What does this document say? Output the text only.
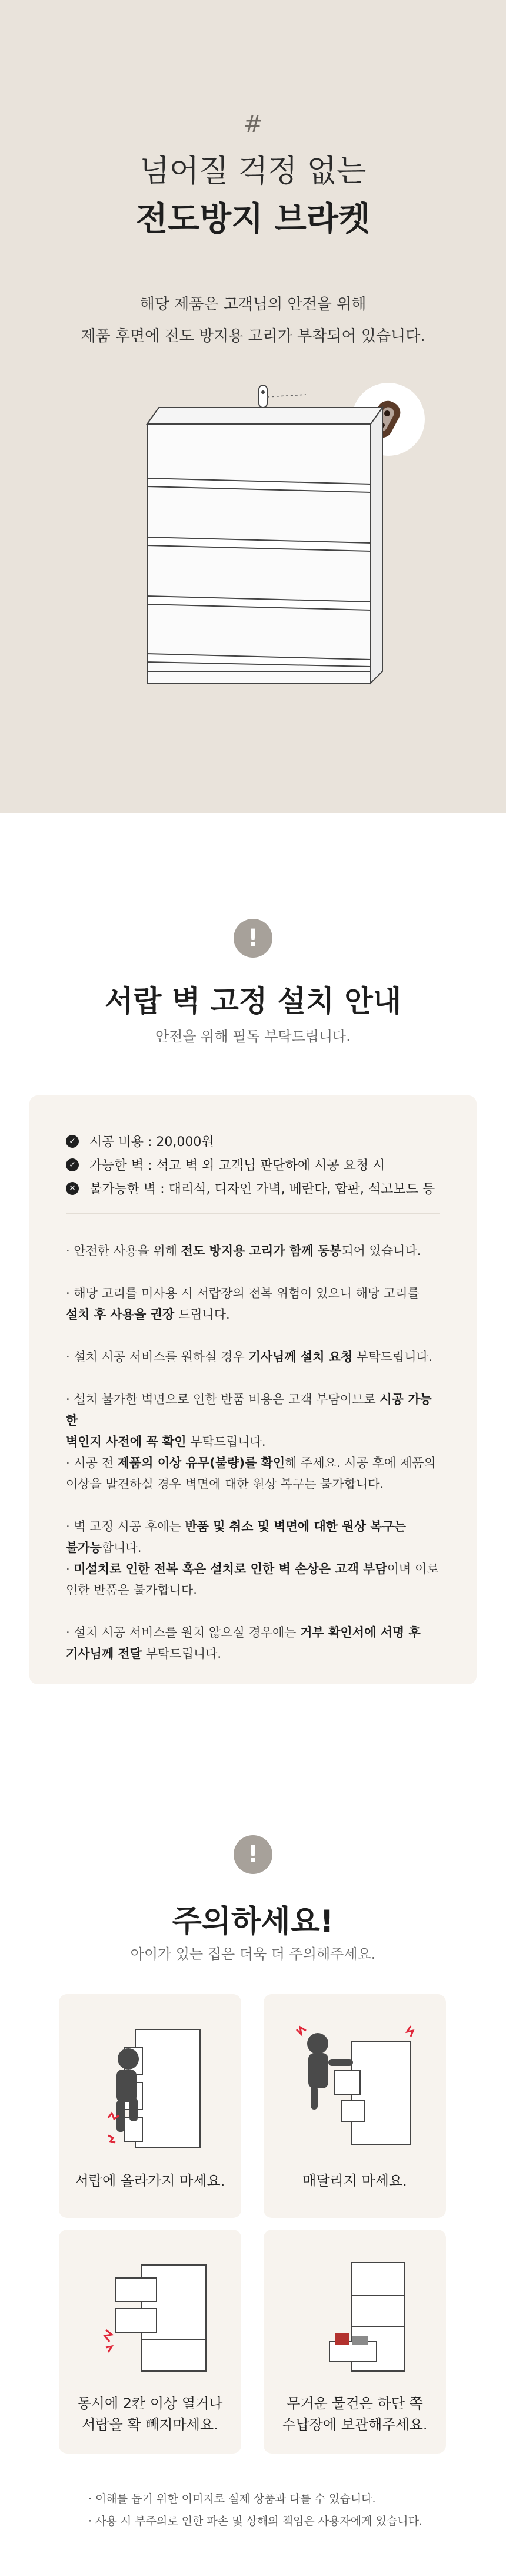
#
넘어질 걱정 없는
전도방지 브라켓
해당 제품은 고객님의 안전을 위해
제품 후면에 전도 방지용 고리가 부착되어 있습니다.
!
서랍 벽 고정 설치 안내
안전을 위해 필독 부탁드립니다.
✓ 시공 비용 : 20,000원
✓ 가능한 벽 : 석고 벽 외 고객님 판단하에 시공 요청 시
✕ 불가능한 벽 : 대리석, 디자인 가벽, 베란다, 합판, 석고보드 등
· 안전한 사용을 위해 전도 방지용 고리가 함께 동봉되어 있습니다.
· 해당 고리를 미사용 시 서랍장의 전복 위험이 있으니 해당 고리를
설치 후 사용을 권장 드립니다.
· 설치 시공 서비스를 원하실 경우 기사님께 설치 요청 부탁드립니다.
· 설치 불가한 벽면으로 인한 반품 비용은 고객 부담이므로 시공 가능한
벽인지 사전에 꼭 확인 부탁드립니다.
· 시공 전 제품의 이상 유무(불량)를 확인해 주세요. 시공 후에 제품의
이상을 발견하실 경우 벽면에 대한 원상 복구는 불가합니다.
· 벽 고정 시공 후에는 반품 및 취소 및 벽면에 대한 원상 복구는
불가능합니다.
· 미설치로 인한 전복 혹은 설치로 인한 벽 손상은 고객 부담이며 이로
인한 반품은 불가합니다.
· 설치 시공 서비스를 원치 않으실 경우에는 거부 확인서에 서명 후
기사님께 전달 부탁드립니다.
!
주의하세요!
아이가 있는 집은 더욱 더 주의해주세요.
서랍에 올라가지 마세요.	매달리지 마세요.
동시에 2칸 이상 열거나
서랍을 확 빼지마세요.
무거운 물건은 하단 쪽
수납장에 보관해주세요.
· 이해를 돕기 위한 이미지로 실제 상품과 다를 수 있습니다.
· 사용 시 부주의로 인한 파손 및 상해의 책임은 사용자에게 있습니다.
